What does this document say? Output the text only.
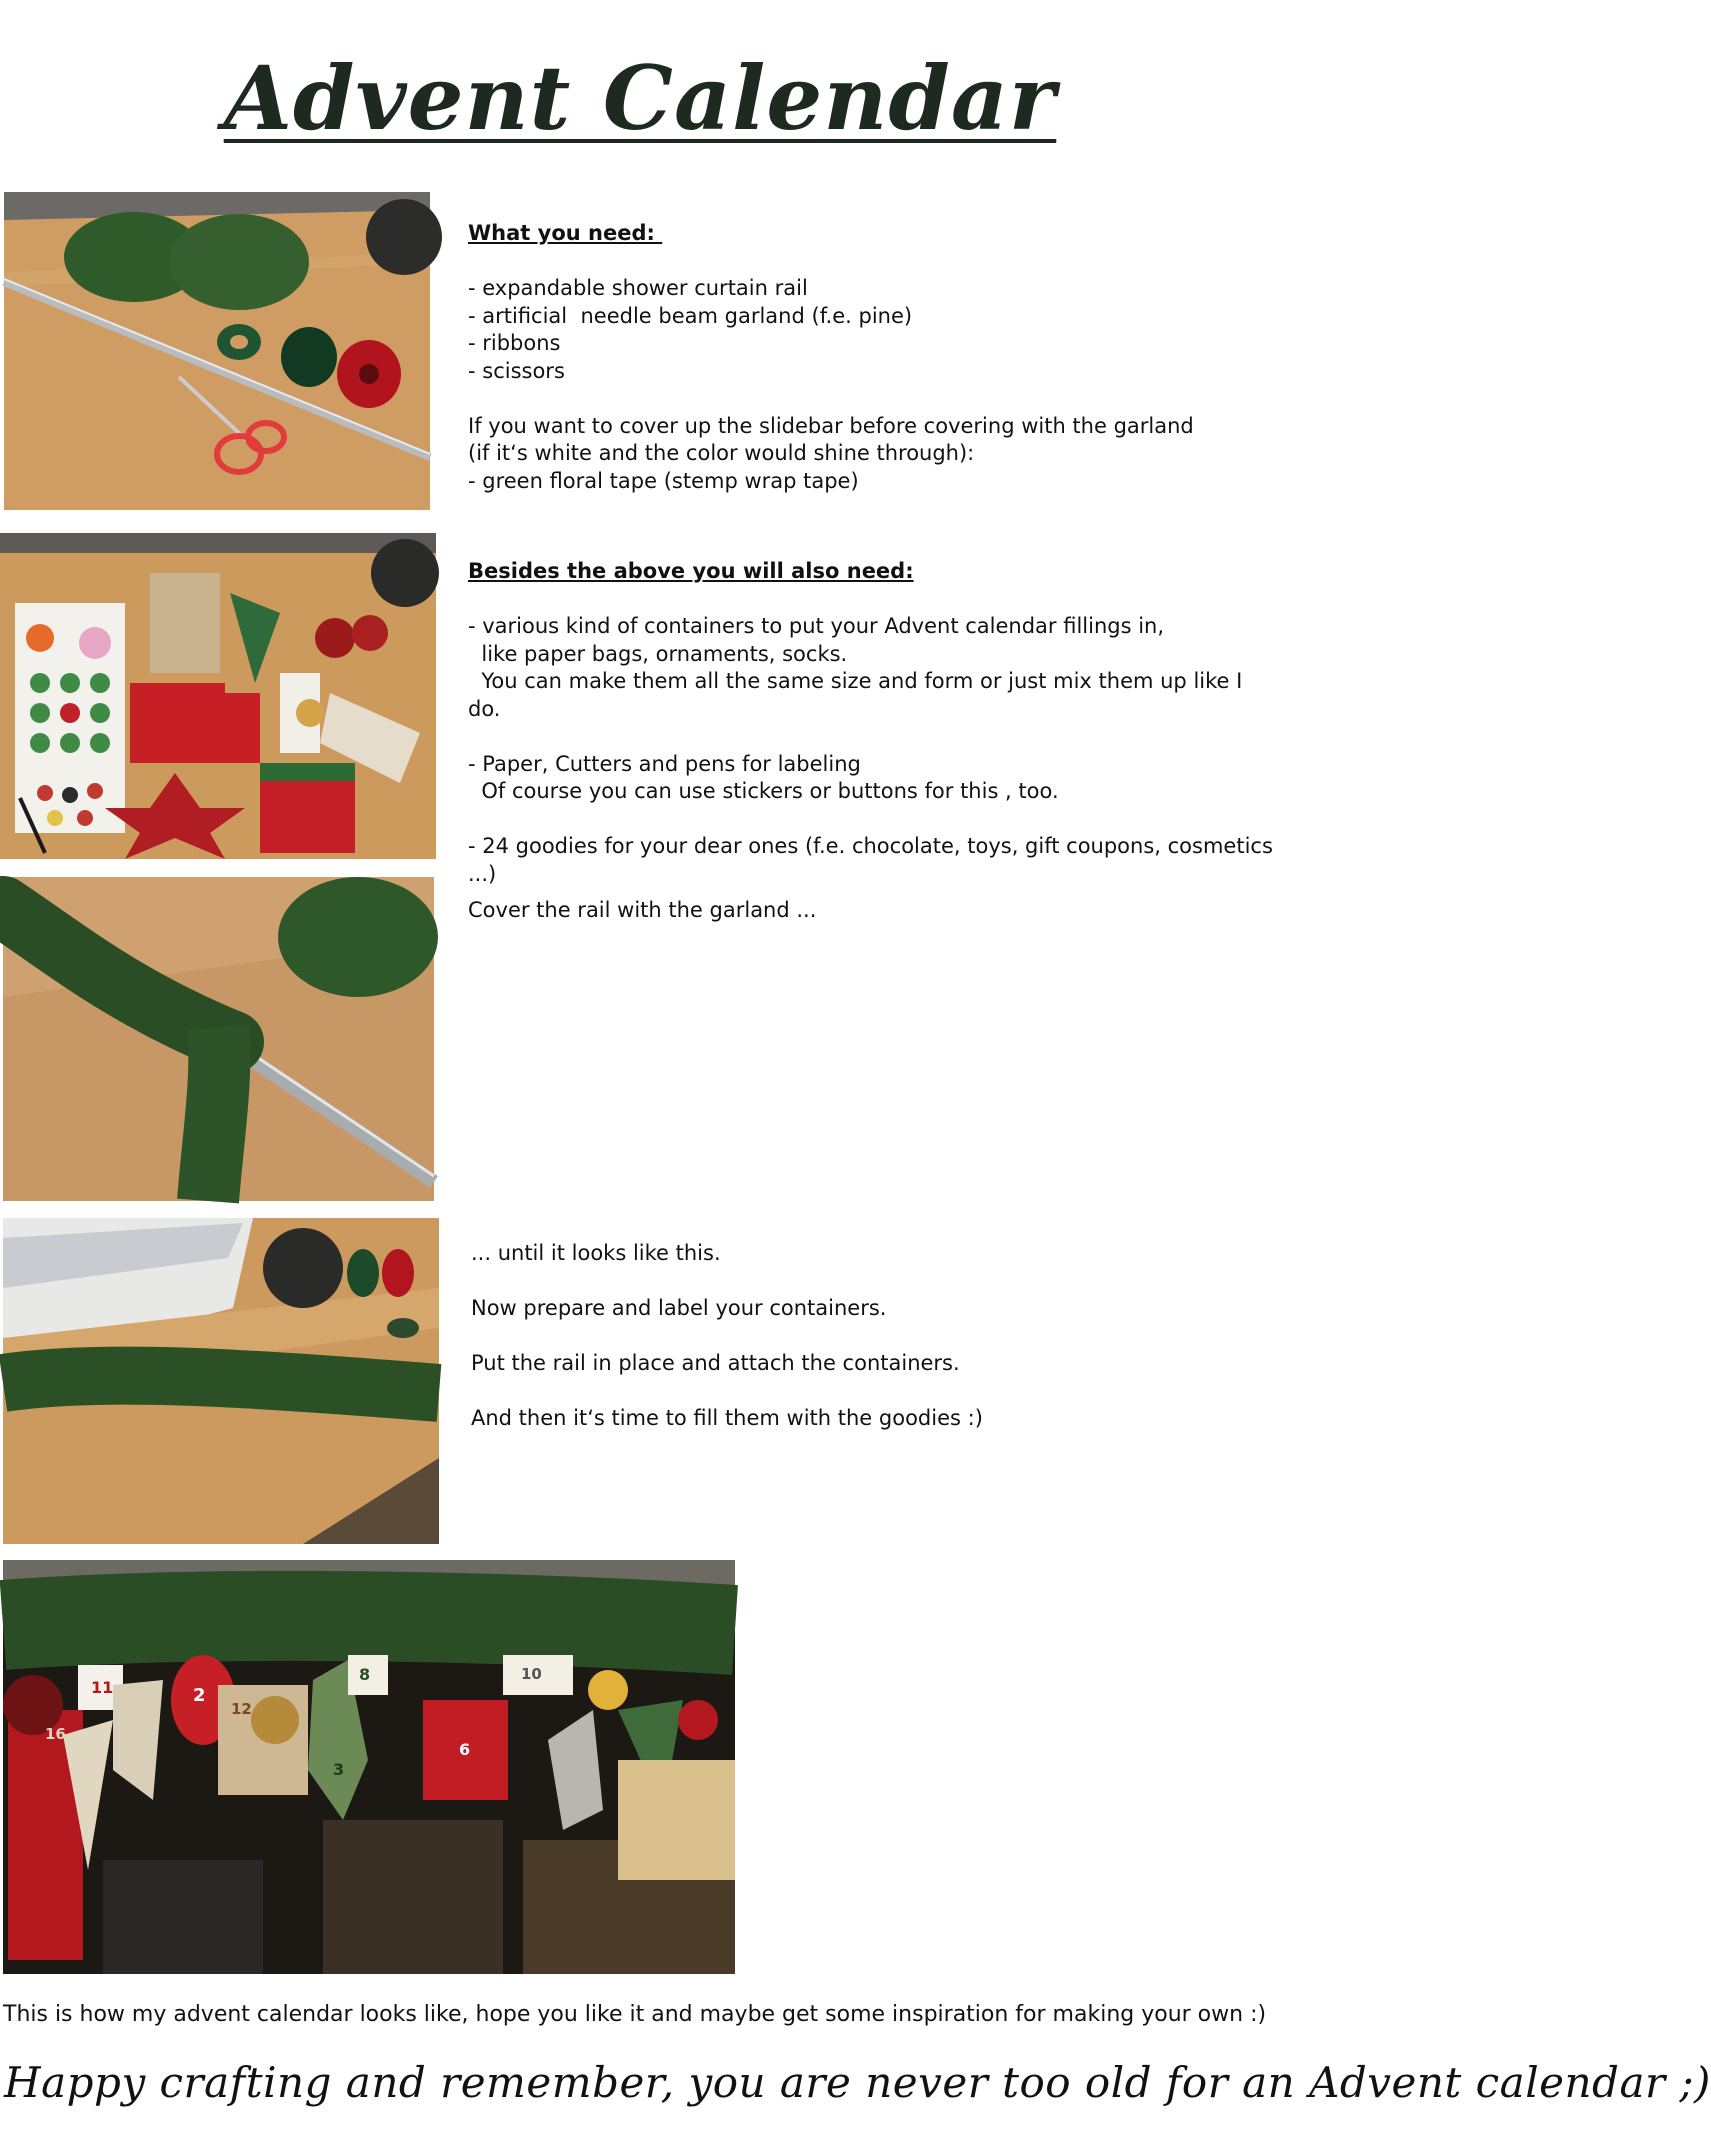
Advent Calendar

What you need:

- expandable shower curtain rail

- artificial  needle beam garland (f.e. pine)

- ribbons

- scissors

If you want to cover up the slidebar before covering with the garland

(if it‘s white and the color would shine through):

- green floral tape (stemp wrap tape)

Besides the above you will also need:

- various kind of containers to put your Advent calendar fillings in,

like paper bags, ornaments, socks.

You can make them all the same size and form or just mix them up like I do.

- Paper, Cutters and pens for labeling

Of course you can use stickers or buttons for this , too.

- 24 goodies for your dear ones (f.e. chocolate, toys, gift coupons, cosmetics ...)

Cover the rail with the garland ...

... until it looks like this.

Now prepare and label your containers.

Put the rail in place and attach the containers.

And then it‘s time to fill them with the goodies :)

11	2
12
8	10
16
3
6

This is how my advent calendar looks like, hope you like it and maybe get some inspiration for making your own :)

Happy crafting and remember, you are never too old for an Advent calendar ;)
